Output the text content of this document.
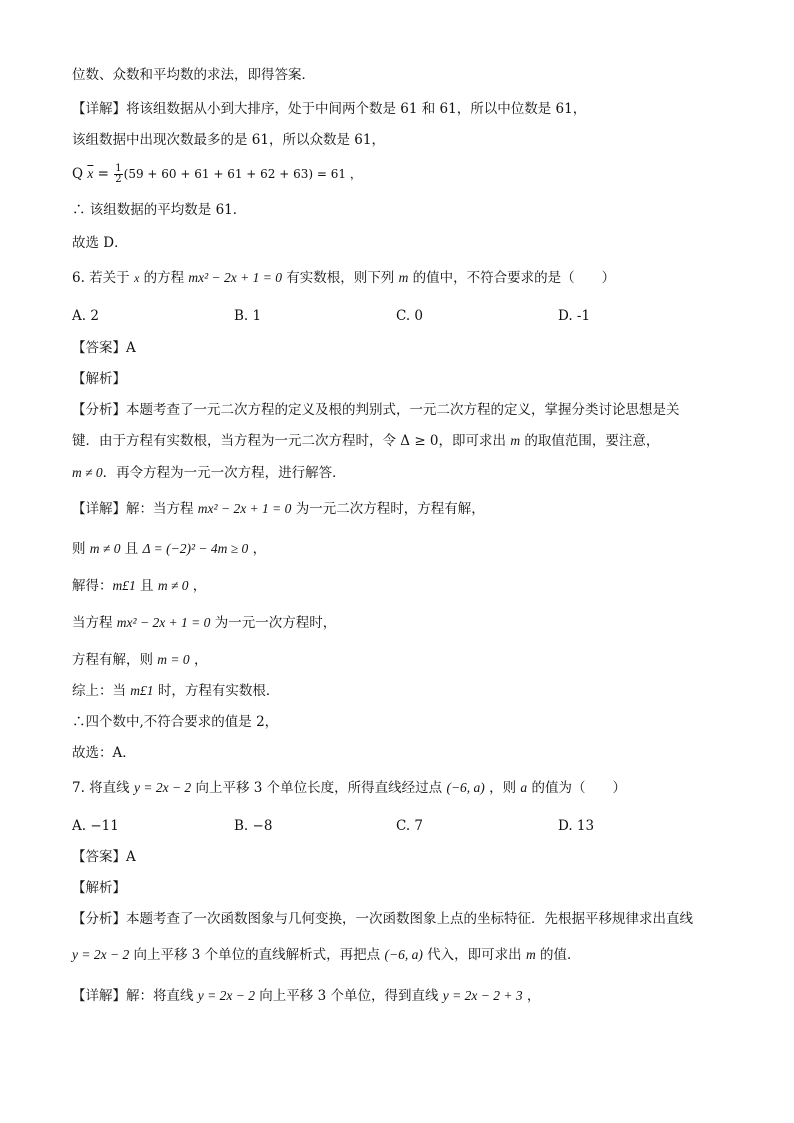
位数、众数和平均数的求法，即得答案．
【详解】将该组数据从小到大排序，处于中间两个数是 61 和 61，所以中位数是 61，
该组数据中出现次数最多的是 61，所以众数是 61，
Q $\overline{x} = \frac{1}{2} (59 + 60 + 61 + 61 + 62 + 63) = 61$ ，
∴ 该组数据的平均数是 61．
故选 D．
6. 若关于 x 的方程 mx² − 2x + 1 = 0 有实数根，则下列 m 的值中，不符合要求的是（　　）
A. 2	B. 1	C. 0	D. -1
【答案】A
【解析】
【分析】本题考查了一元二次方程的定义及根的判别式，一元二次方程的定义，掌握分类讨论思想是关
键．由于方程有实数根，当方程为一元二次方程时，令 Δ ≥ 0，即可求出 m 的取值范围，要注意，
m ≠ 0．再令方程为一元一次方程，进行解答．
【详解】解：当方程 mx² − 2x + 1 = 0 为一元二次方程时，方程有解，
则 m ≠ 0 且 Δ = (−2)² − 4m ≥ 0 ，
解得：m£1 且 m ≠ 0 ，
当方程 mx² − 2x + 1 = 0 为一元一次方程时，
方程有解，则 m = 0 ，
综上：当 m£1 时，方程有实数根．
∴四个数中,不符合要求的值是 2，
故选：A．
7. 将直线 y = 2x − 2 向上平移 3 个单位长度，所得直线经过点 (−6, a) ，则 a 的值为（　　）
A. −11	B. −8	C. 7	D. 13
【答案】A
【解析】
【分析】本题考查了一次函数图象与几何变换，一次函数图象上点的坐标特征．先根据平移规律求出直线
y = 2x − 2 向上平移 3 个单位的直线解析式，再把点 (−6, a) 代入，即可求出 m 的值．
【详解】解：将直线 y = 2x − 2 向上平移 3 个单位，得到直线 y = 2x − 2 + 3 ，
